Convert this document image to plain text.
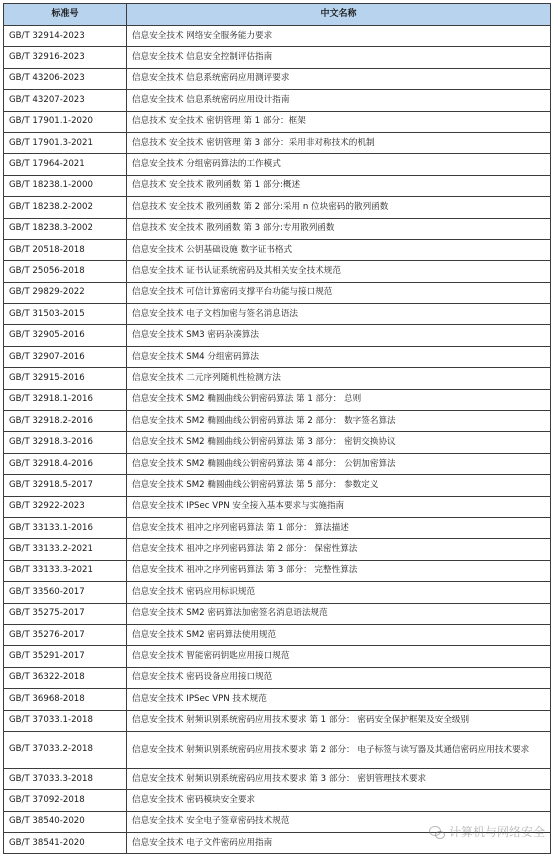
标准号	中文名称
GB/T 32914-2023	信息安全技术 网络安全服务能力要求
GB/T 32916-2023	信息安全技术 信息安全控制评估指南
GB/T 43206-2023	信息安全技术 信息系统密码应用测评要求
GB/T 43207-2023	信息安全技术 信息系统密码应用设计指南
GB/T 17901.1-2020	信息技术 安全技术 密钥管理 第 1 部分：框架
GB/T 17901.3-2021	信息技术 安全技术 密钥管理 第 3 部分：采用非对称技术的机制
GB/T 17964-2021	信息安全技术 分组密码算法的工作模式
GB/T 18238.1-2000	信息技术 安全技术 散列函数 第 1 部分:概述
GB/T 18238.2-2002	信息技术 安全技术 散列函数 第 2 部分:采用 n 位块密码的散列函数
GB/T 18238.3-2002	信息技术 安全技术 散列函数 第 3 部分:专用散列函数
GB/T 20518-2018	信息安全技术 公钥基础设施 数字证书格式
GB/T 25056-2018	信息安全技术 证书认证系统密码及其相关安全技术规范
GB/T 29829-2022	信息安全技术 可信计算密码支撑平台功能与接口规范
GB/T 31503-2015	信息安全技术 电子文档加密与签名消息语法
GB/T 32905-2016	信息安全技术 SM3 密码杂凑算法
GB/T 32907-2016	信息安全技术 SM4 分组密码算法
GB/T 32915-2016	信息安全技术 二元序列随机性检测方法
GB/T 32918.1-2016	信息安全技术 SM2 椭圆曲线公钥密码算法 第 1 部分： 总则
GB/T 32918.2-2016	信息安全技术 SM2 椭圆曲线公钥密码算法 第 2 部分： 数字签名算法
GB/T 32918.3-2016	信息安全技术 SM2 椭圆曲线公钥密码算法 第 3 部分： 密钥交换协议
GB/T 32918.4-2016	信息安全技术 SM2 椭圆曲线公钥密码算法 第 4 部分： 公钥加密算法
GB/T 32918.5-2017	信息安全技术 SM2 椭圆曲线公钥密码算法 第 5 部分： 参数定义
GB/T 32922-2023	信息安全技术 IPSec VPN 安全接入基本要求与实施指南
GB/T 33133.1-2016	信息安全技术 祖冲之序列密码算法 第 1 部分： 算法描述
GB/T 33133.2-2021	信息安全技术 祖冲之序列密码算法 第 2 部分： 保密性算法
GB/T 33133.3-2021	信息安全技术 祖冲之序列密码算法 第 3 部分： 完整性算法
GB/T 33560-2017	信息安全技术 密码应用标识规范
GB/T 35275-2017	信息安全技术 SM2 密码算法加密签名消息语法规范
GB/T 35276-2017	信息安全技术 SM2 密码算法使用规范
GB/T 35291-2017	信息安全技术 智能密码钥匙应用接口规范
GB/T 36322-2018	信息安全技术 密码设备应用接口规范
GB/T 36968-2018	信息安全技术 IPSec VPN 技术规范
GB/T 37033.1-2018	信息安全技术 射频识别系统密码应用技术要求 第 1 部分： 密码安全保护框架及安全级别
GB/T 37033.2-2018	信息安全技术 射频识别系统密码应用技术要求 第 2 部分： 电子标签与读写器及其通信密码应用技术要求
GB/T 37033.3-2018	信息安全技术 射频识别系统密码应用技术要求 第 3 部分： 密钥管理技术要求
GB/T 37092-2018	信息安全技术 密码模块安全要求
GB/T 38540-2020	信息安全技术 安全电子签章密码技术规范
GB/T 38541-2020	信息安全技术 电子文件密码应用指南
计算机与网络安全
